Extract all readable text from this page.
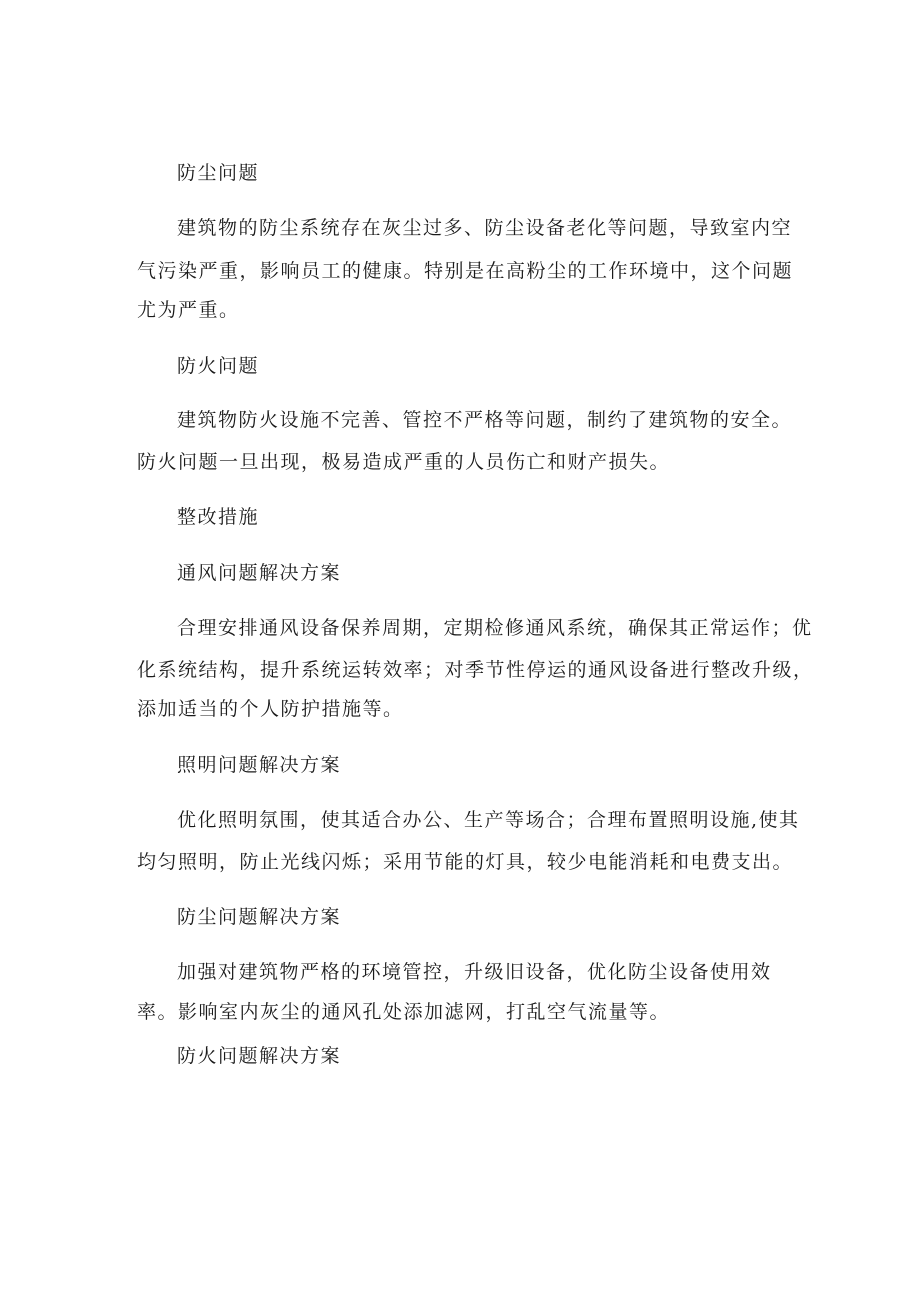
防尘问题
建筑物的防尘系统存在灰尘过多、防尘设备老化等问题，导致室内空
气污染严重，影响员工的健康。特别是在高粉尘的工作环境中，这个问题
尤为严重。
防火问题
建筑物防火设施不完善、管控不严格等问题，制约了建筑物的安全。
防火问题一旦出现，极易造成严重的人员伤亡和财产损失。
整改措施
通风问题解决方案
合理安排通风设备保养周期，定期检修通风系统，确保其正常运作；优
化系统结构，提升系统运转效率；对季节性停运的通风设备进行整改升级，
添加适当的个人防护措施等。
照明问题解决方案
优化照明氛围，使其适合办公、生产等场合；合理布置照明设施,使其
均匀照明，防止光线闪烁；采用节能的灯具，较少电能消耗和电费支出。
防尘问题解决方案
加强对建筑物严格的环境管控，升级旧设备，优化防尘设备使用效
率。影响室内灰尘的通风孔处添加滤网，打乱空气流量等。
防火问题解决方案
